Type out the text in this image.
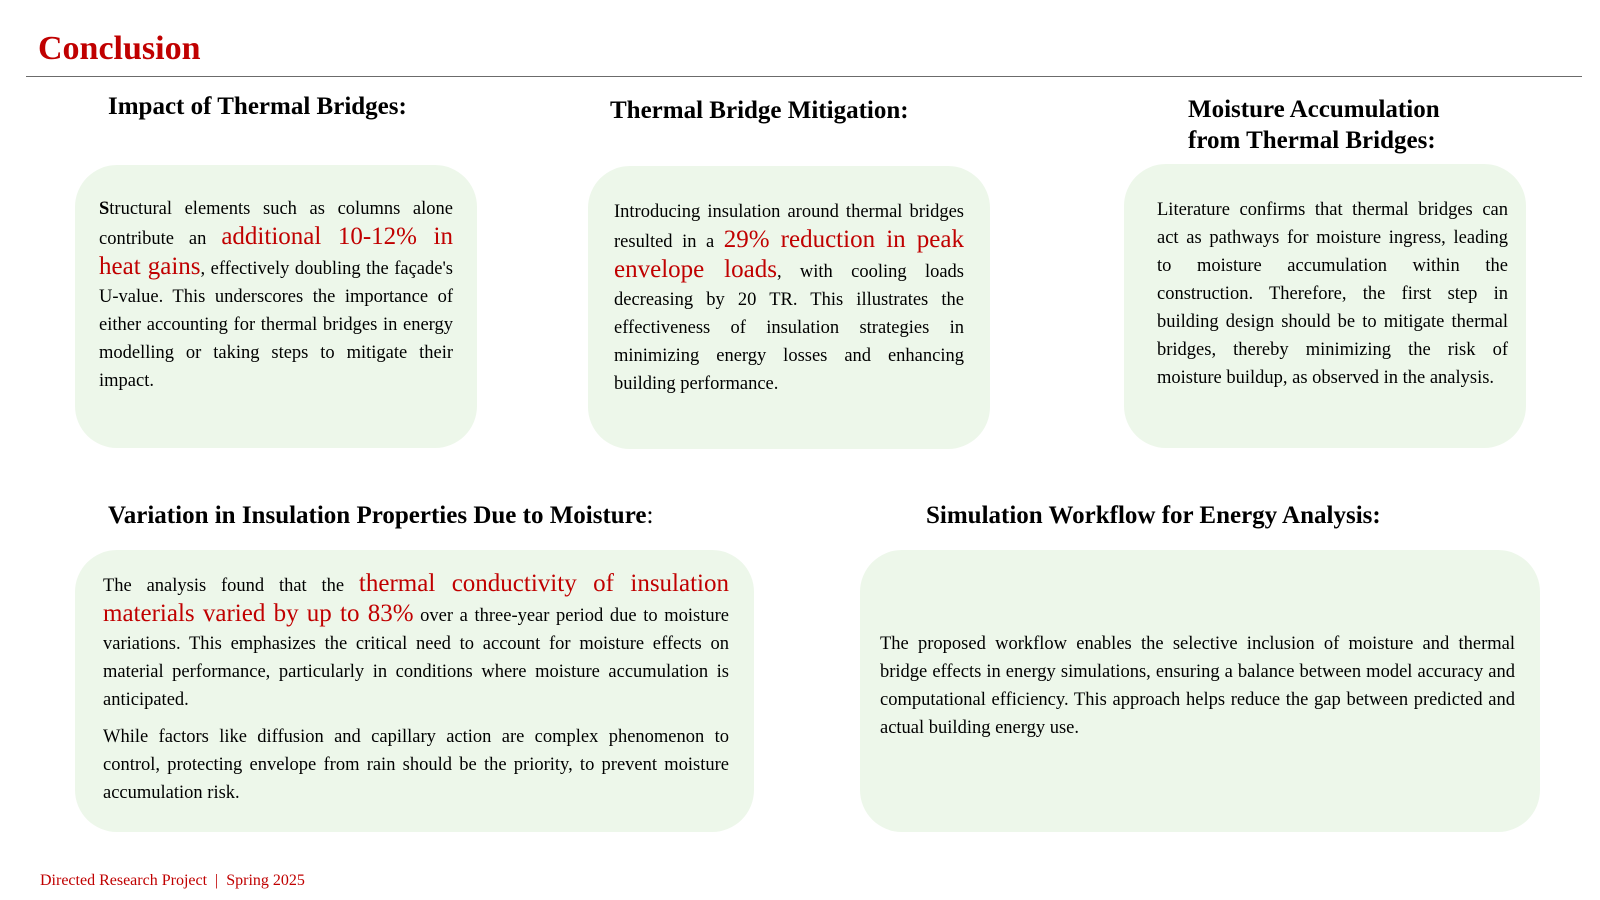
Conclusion
Impact of Thermal Bridges:

Structural elements such as columns alone contribute an additional 10-12% in heat gains, effectively doubling the façade's U-value. This underscores the importance of either accounting for thermal bridges in energy modelling or taking steps to mitigate their impact.

Thermal Bridge Mitigation:

Introducing insulation around thermal bridges resulted in a 29% reduction in peak envelope loads, with cooling loads decreasing by 20 TR. This illustrates the effectiveness of insulation strategies in minimizing energy losses and enhancing building performance.

Moisture Accumulation
from Thermal Bridges:

Literature confirms that thermal bridges can act as pathways for moisture ingress, leading to moisture accumulation within the construction. Therefore, the first step in building design should be to mitigate thermal bridges, thereby minimizing the risk of moisture buildup, as observed in the analysis.

Variation in Insulation Properties Due to Moisture:

The analysis found that the thermal conductivity of insulation materials varied by up to 83% over a three-year period due to moisture variations. This emphasizes the critical need to account for moisture effects on material performance, particularly in conditions where moisture accumulation is anticipated.

While factors like diffusion and capillary action are complex phenomenon to control, protecting envelope from rain should be the priority, to prevent moisture accumulation risk.

Simulation Workflow for Energy Analysis:

The proposed workflow enables the selective inclusion of moisture and thermal bridge effects in energy simulations, ensuring a balance between model accuracy and computational efficiency. This approach helps reduce the gap between predicted and actual building energy use.

Directed Research Project | Spring 2025
